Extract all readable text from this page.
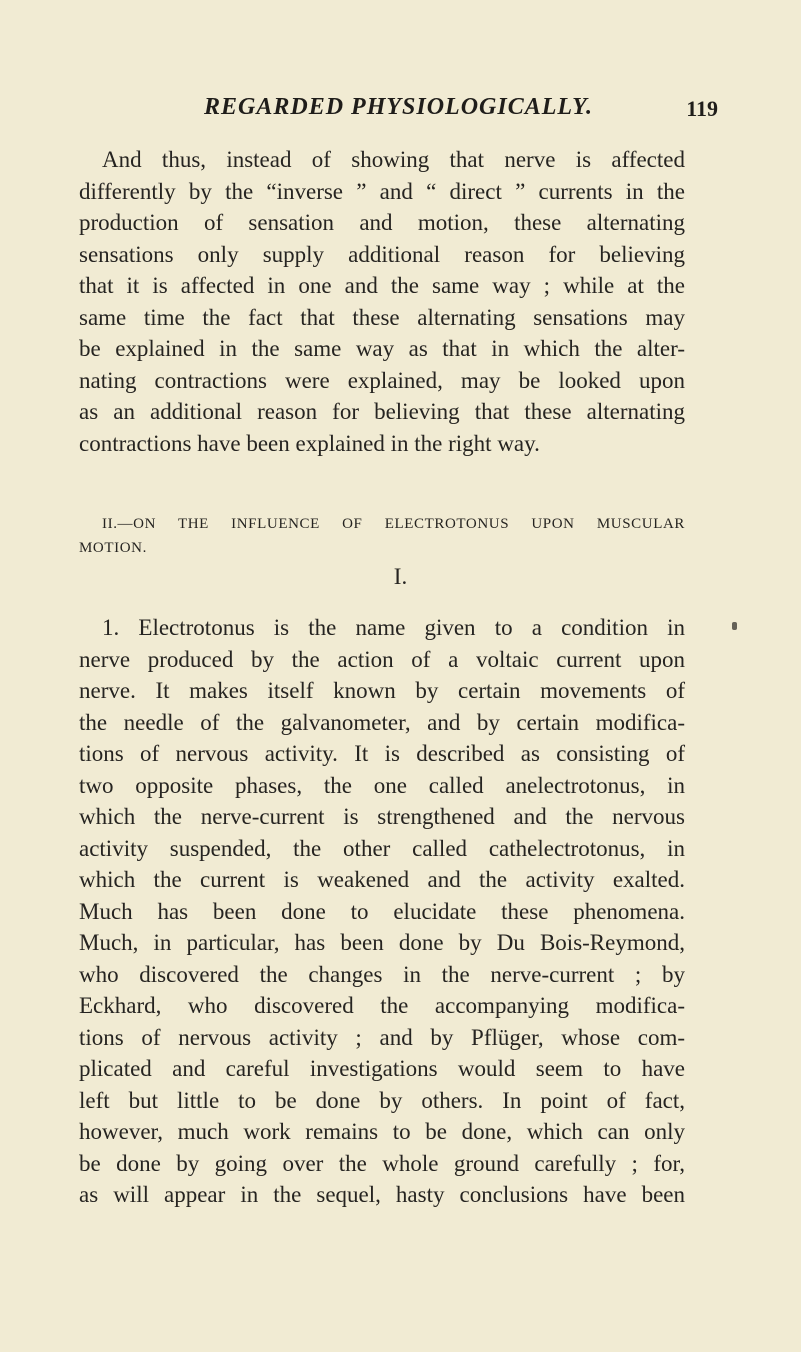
REGARDED PHYSIOLOGICALLY.	119
And thus, instead of showing that nerve is affected
differently by the “inverse ” and “ direct ” currents in the
production of sensation and motion, these alternating
sensations only supply additional reason for believing
that it is affected in one and the same way ; while at the
same time the fact that these alternating sensations may
be explained in the same way as that in which the alter-
nating contractions were explained, may be looked upon
as an additional reason for believing that these alternating
contractions have been explained in the right way.
II.—ON THE INFLUENCE OF ELECTROTONUS UPON MUSCULAR
MOTION.
I.
1. Electrotonus is the name given to a condition in
nerve produced by the action of a voltaic current upon
nerve. It makes itself known by certain movements of
the needle of the galvanometer, and by certain modifica-
tions of nervous activity. It is described as consisting of
two opposite phases, the one called anelectrotonus, in
which the nerve-current is strengthened and the nervous
activity suspended, the other called cathelectrotonus, in
which the current is weakened and the activity exalted.
Much has been done to elucidate these phenomena.
Much, in particular, has been done by Du Bois-Reymond,
who discovered the changes in the nerve-current ; by
Eckhard, who discovered the accompanying modifica-
tions of nervous activity ; and by Pflüger, whose com-
plicated and careful investigations would seem to have
left but little to be done by others. In point of fact,
however, much work remains to be done, which can only
be done by going over the whole ground carefully ; for,
as will appear in the sequel, hasty conclusions have been
